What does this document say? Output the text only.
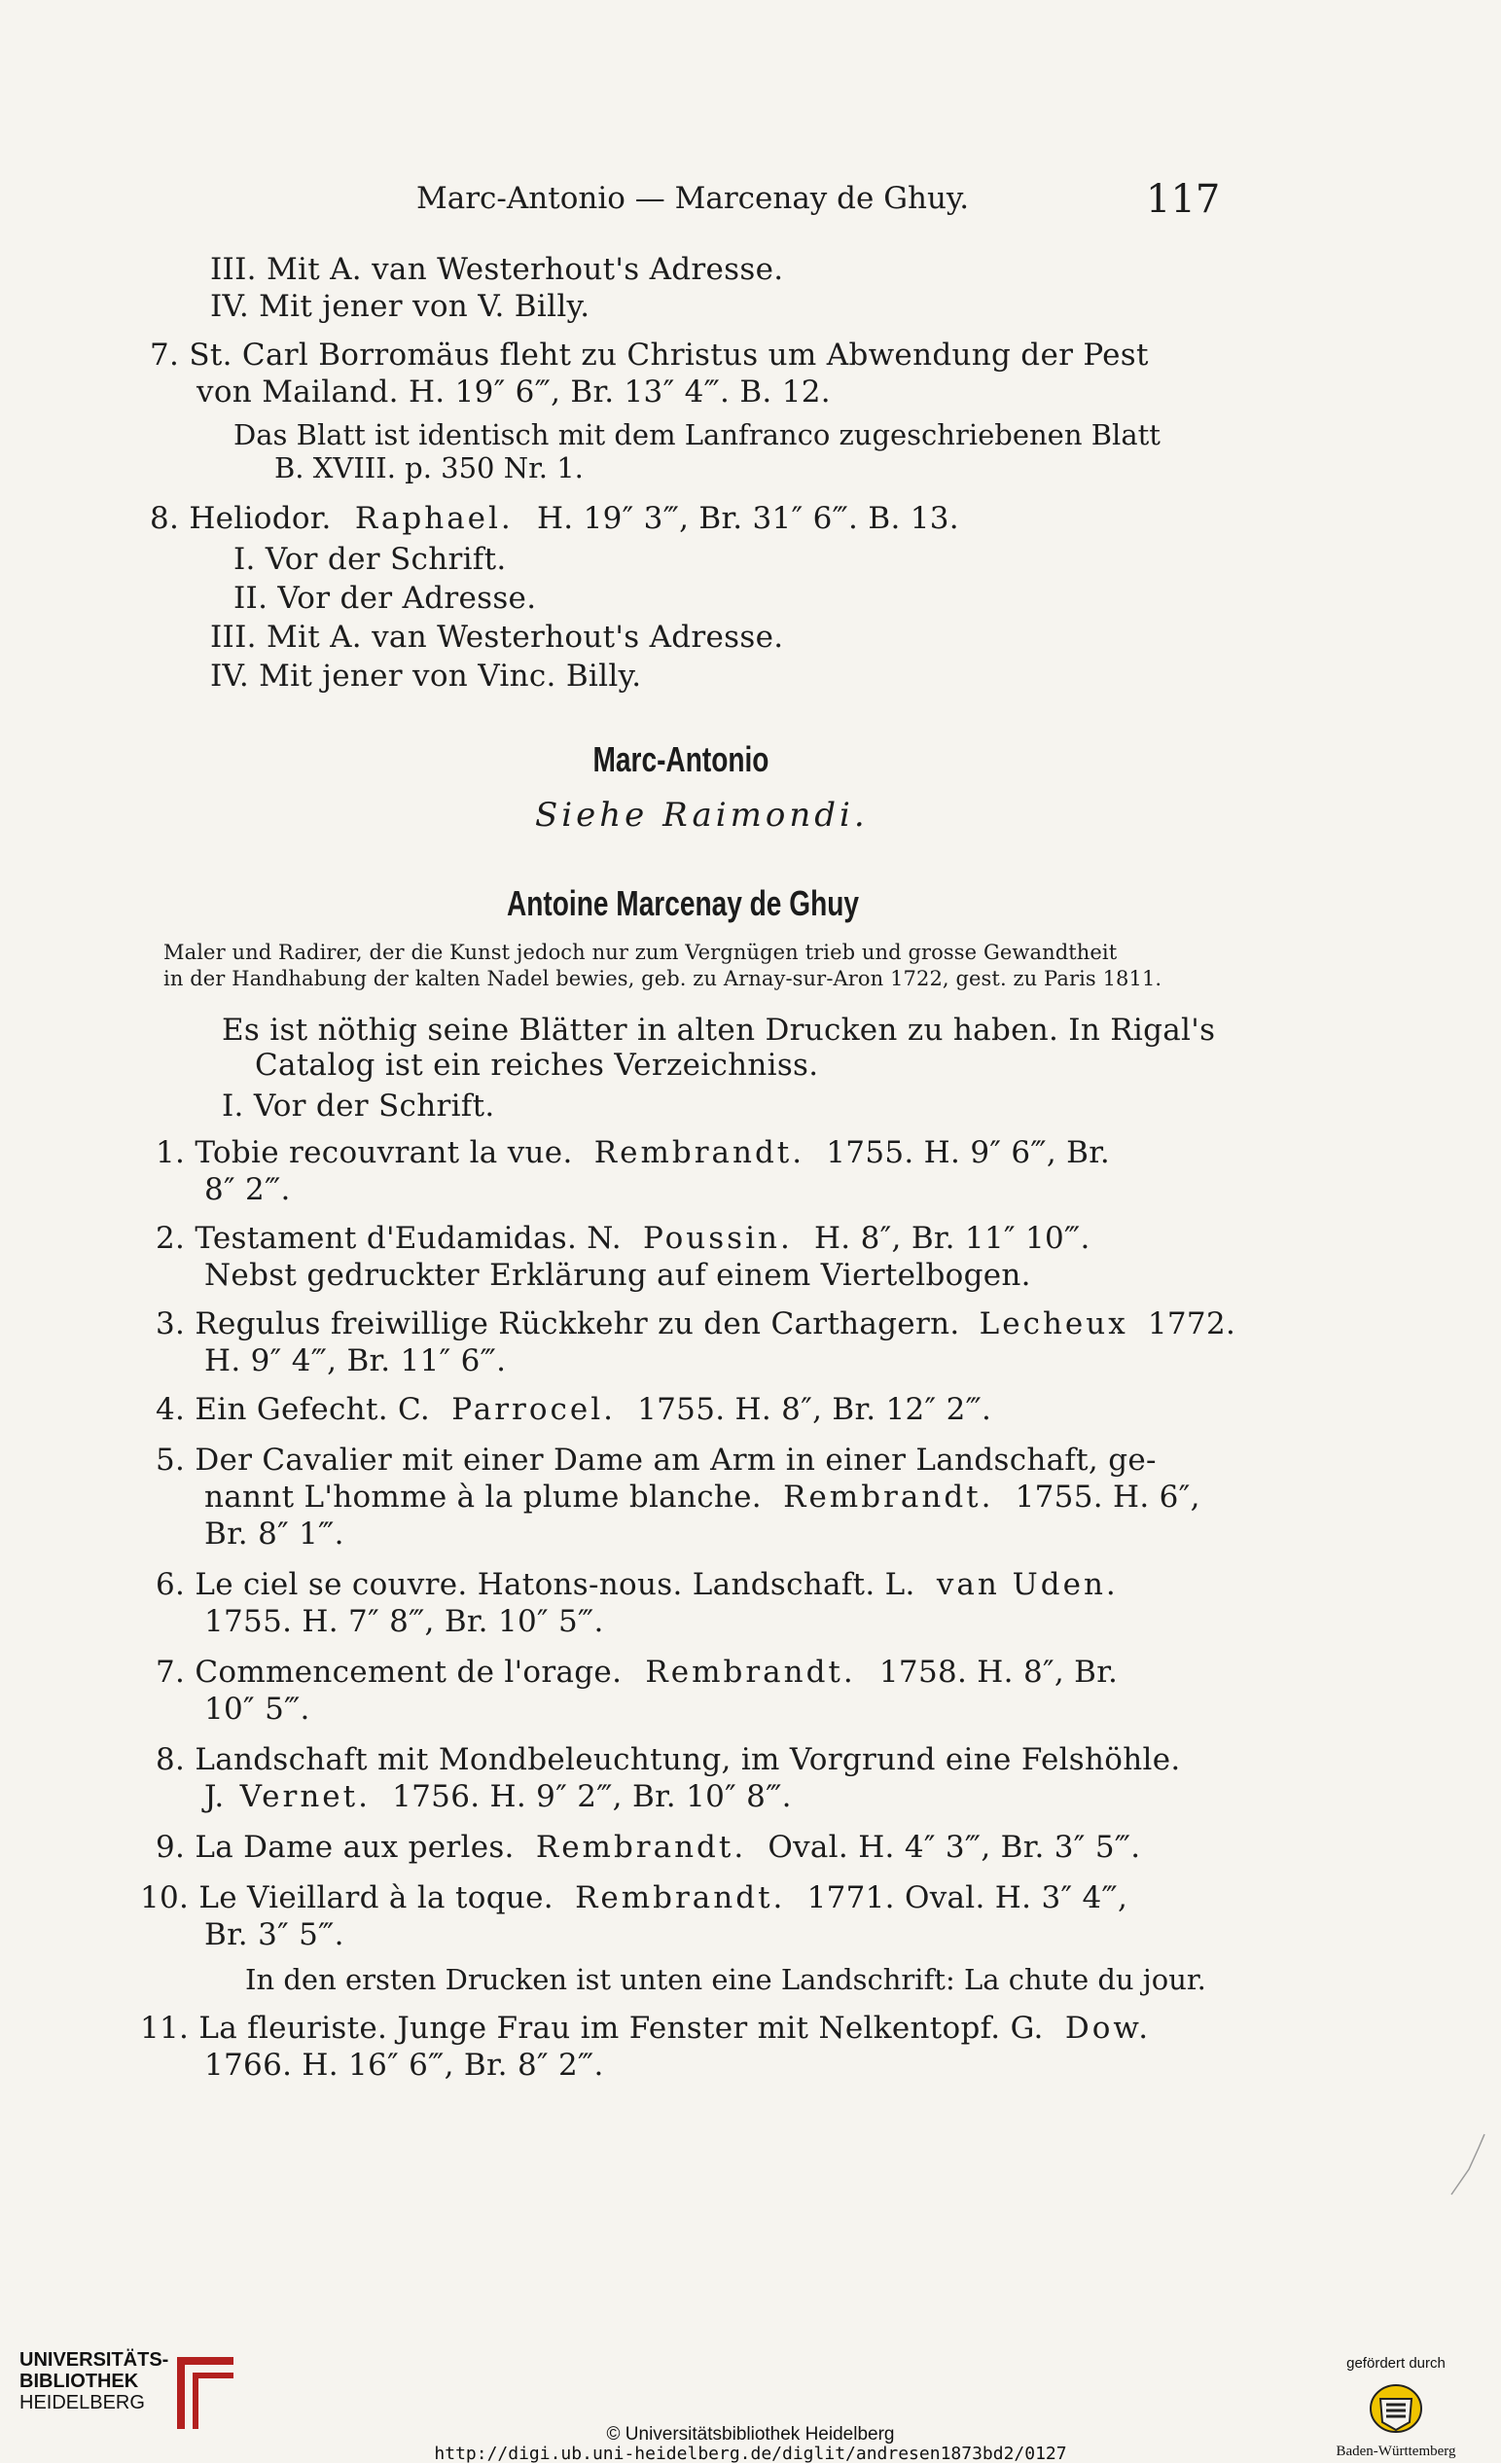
Marc-Antonio — Marcenay de Ghuy.	117
III. Mit A. van Westerhout's Adresse.
IV. Mit jener von V. Billy.
7. St. Carl Borromäus fleht zu Christus um Abwendung der Pest
von Mailand. H. 19″ 6‴, Br. 13″ 4‴. B. 12.
Das Blatt ist identisch mit dem Lanfranco zugeschriebenen Blatt
B. XVIII. p. 350 Nr. 1.
8. Heliodor. Raphael. H. 19″ 3‴, Br. 31″ 6‴. B. 13.
I. Vor der Schrift.
II. Vor der Adresse.
III. Mit A. van Westerhout's Adresse.
IV. Mit jener von Vinc. Billy.
Marc-Antonio
Siehe Raimondi.
Antoine Marcenay de Ghuy
Maler und Radirer, der die Kunst jedoch nur zum Vergnügen trieb und grosse Gewandtheit
in der Handhabung der kalten Nadel bewies, geb. zu Arnay-sur-Aron 1722, gest. zu Paris 1811.
Es ist nöthig seine Blätter in alten Drucken zu haben. In Rigal's
Catalog ist ein reiches Verzeichniss.
I. Vor der Schrift.
1. Tobie recouvrant la vue. Rembrandt. 1755. H. 9″ 6‴, Br.
8″ 2‴.
2. Testament d'Eudamidas. N. Poussin. H. 8″, Br. 11″ 10‴.
Nebst gedruckter Erklärung auf einem Viertelbogen.
3. Regulus freiwillige Rückkehr zu den Carthagern. Lecheux 1772.
H. 9″ 4‴, Br. 11″ 6‴.
4. Ein Gefecht. C. Parrocel. 1755. H. 8″, Br. 12″ 2‴.
5. Der Cavalier mit einer Dame am Arm in einer Landschaft, ge-
nannt L'homme à la plume blanche. Rembrandt. 1755. H. 6″,
Br. 8″ 1‴.
6. Le ciel se couvre. Hatons-nous. Landschaft. L. van Uden.
1755. H. 7″ 8‴, Br. 10″ 5‴.
7. Commencement de l'orage. Rembrandt. 1758. H. 8″, Br.
10″ 5‴.
8. Landschaft mit Mondbeleuchtung, im Vorgrund eine Felshöhle.
J. Vernet. 1756. H. 9″ 2‴, Br. 10″ 8‴.
9. La Dame aux perles. Rembrandt. Oval. H. 4″ 3‴, Br. 3″ 5‴.
10. Le Vieillard à la toque. Rembrandt. 1771. Oval. H. 3″ 4‴,
Br. 3″ 5‴.
In den ersten Drucken ist unten eine Landschrift: La chute du jour.
11. La fleuriste. Junge Frau im Fenster mit Nelkentopf. G. Dow.
1766. H. 16″ 6‴, Br. 8″ 2‴.
UNIVERSITÄTS-
BIBLIOTHEK
HEIDELBERG
© Universitätsbibliothek Heidelberg
http://digi.ub.uni-heidelberg.de/diglit/andresen1873bd2/0127
gefördert durch
Baden-Württemberg
